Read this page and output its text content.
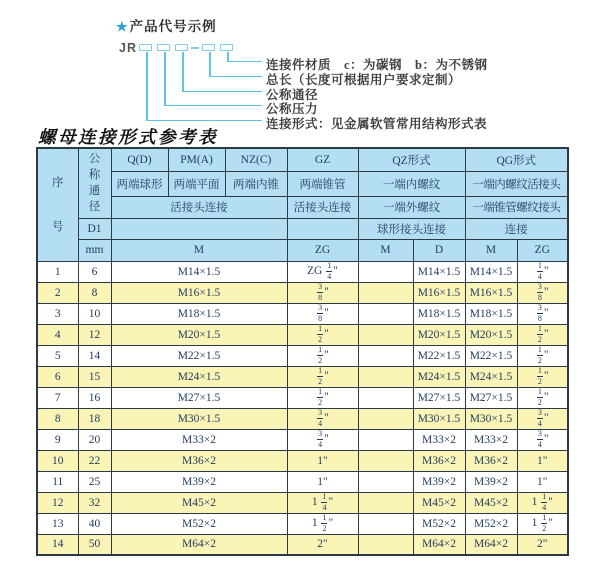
★产品代号示例
JR
连接件材质　c：为碳钢　b：为不锈钢
总长（长度可根据用户要求定制）
公称通径
公称压力
连接形式：见金属软管常用结构形式表
螺母连接形式参考表
序号	公称通径	Q(D)	PM(A)	NZ(C)	GZ	QZ形式		QG形式	
		两端球形	两端平面	两端内锥	两端锥管	一端内螺纹		一端内螺纹活接头	
		活接头连接			活接头连接	一端外螺纹		一端锥管螺纹接头	
	D1					球形接头连接		连接	
	mm	M			ZG	M	D	M	ZG
1	6	M14×1.5			ZG $\frac{1}{4}$ "		M14×1.5	M14×1.5	$\frac{1}{4}$ "
2	8	M16×1.5			$\frac{3}{8}$ "		M16×1.5	M16×1.5	$\frac{3}{8}$ "
3	10	M18×1.5			$\frac{3}{8}$ "		M18×1.5	M18×1.5	$\frac{3}{8}$ "
4	12	M20×1.5			$\frac{1}{2}$ "		M20×1.5	M20×1.5	$\frac{1}{2}$ "
5	14	M22×1.5			$\frac{1}{2}$ "		M22×1.5	M22×1.5	$\frac{1}{2}$ "
6	15	M24×1.5			$\frac{1}{2}$ "		M24×1.5	M24×1.5	$\frac{1}{2}$ "
7	16	M27×1.5			$\frac{1}{2}$ "		M27×1.5	M27×1.5	$\frac{1}{2}$ "
8	18	M30×1.5			$\frac{3}{4}$ "		M30×1.5	M30×1.5	$\frac{3}{4}$ "
9	20	M33×2			$\frac{3}{4}$ "		M33×2	M33×2	$\frac{3}{4}$ "
10	22	M36×2			1"		M36×2	M36×2	1"
11	25	M39×2			1"		M39×2	M39×2	1"
12	32	M45×2			$1 \frac{1}{4}$ "		M45×2	M45×2	$1 \frac{1}{4}$ "
13	40	M52×2			$1 \frac{1}{2}$ "		M52×2	M52×2	$1 \frac{1}{2}$ "
14	50	M64×2			2"		M64×2	M64×2	2"
